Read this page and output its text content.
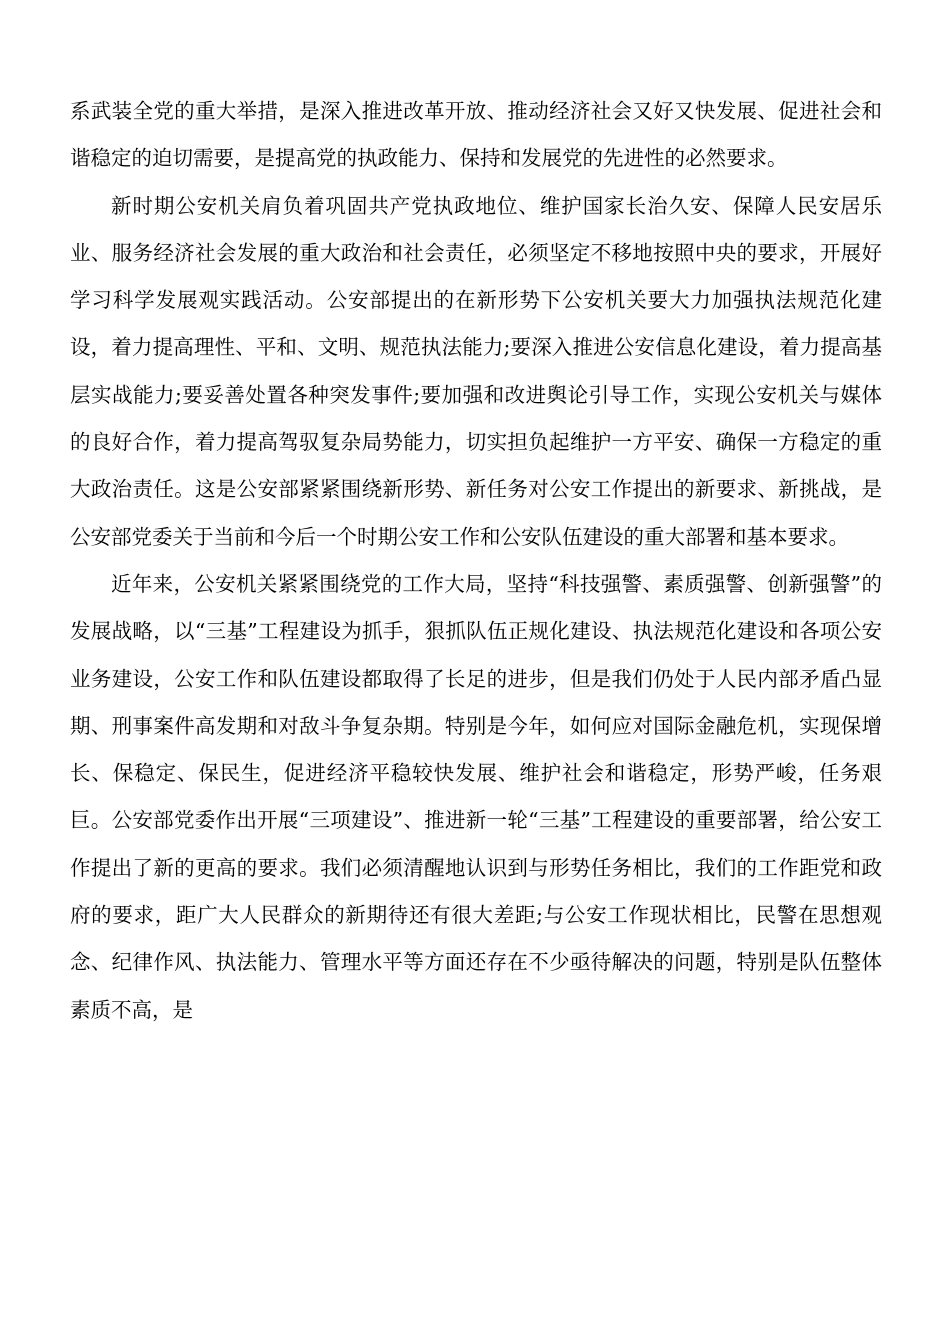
系武装全党的重大举措，是深入推进改革开放、推动经济社会又好又快发展、促进社会和谐稳定的迫切需要，是提高党的执政能力、保持和发展党的先进性的必然要求。

新时期公安机关肩负着巩固共产党执政地位、维护国家长治久安、保障人民安居乐业、服务经济社会发展的重大政治和社会责任，必须坚定不移地按照中央的要求，开展好学习科学发展观实践活动。公安部提出的在新形势下公安机关要大力加强执法规范化建设，着力提高理性、平和、文明、规范执法能力;要深入推进公安信息化建设，着力提高基层实战能力;要妥善处置各种突发事件;要加强和改进舆论引导工作，实现公安机关与媒体的良好合作，着力提高驾驭复杂局势能力，切实担负起维护一方平安、确保一方稳定的重大政治责任。这是公安部紧紧围绕新形势、新任务对公安工作提出的新要求、新挑战，是公安部党委关于当前和今后一个时期公安工作和公安队伍建设的重大部署和基本要求。

近年来，公安机关紧紧围绕党的工作大局，坚持“科技强警、素质强警、创新强警”的发展战略，以“三基”工程建设为抓手，狠抓队伍正规化建设、执法规范化建设和各项公安业务建设，公安工作和队伍建设都取得了长足的进步，但是我们仍处于人民内部矛盾凸显期、刑事案件高发期和对敌斗争复杂期。特别是今年，如何应对国际金融危机，实现保增长、保稳定、保民生，促进经济平稳较快发展、维护社会和谐稳定，形势严峻，任务艰巨。公安部党委作出开展“三项建设”、推进新一轮“三基”工程建设的重要部署，给公安工作提出了新的更高的要求。我们必须清醒地认识到与形势任务相比，我们的工作距党和政府的要求，距广大人民群众的新期待还有很大差距;与公安工作现状相比，民警在思想观念、纪律作风、执法能力、管理水平等方面还存在不少亟待解决的问题，特别是队伍整体素质不高，是
